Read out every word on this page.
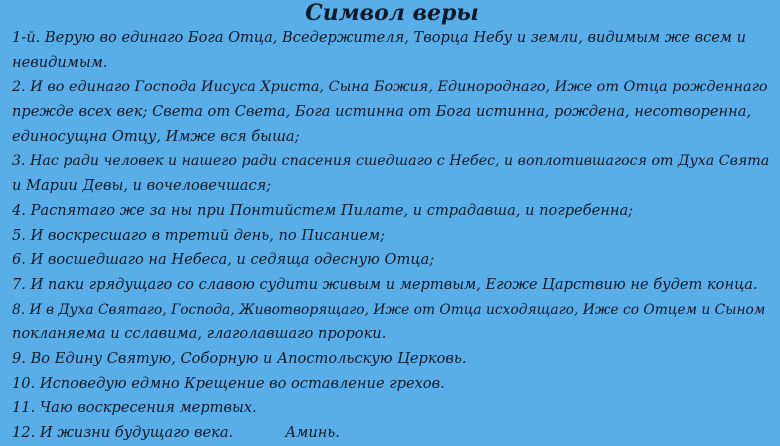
Символ веры
1-й. Верую во единаго Бога Отца, Вседержителя, Творца Небу и земли, видимым же всем и
невидимым.
2. И во единаго Господа Иисуса Христа, Сына Божия, Единороднаго, Иже от Отца рожденнаго
прежде всех век; Света от Света, Бога истинна от Бога истинна, рождена, несотворенна,
единосущна Отцу, Имже вся быша;
3. Нас ради человек и нашего ради спасения сшедшаго с Небес, и воплотившагося от Духа Свята
и Марии Девы, и вочеловечшася;
4. Распятаго же за ны при Понтийстем Пилате, и страдавша, и погребенна;
5. И воскресшаго в третий день, по Писанием;
6. И восшедшаго на Небеса, и седяща одесную Отца;
7. И паки грядущаго со славою судити живым и мертвым, Егоже Царствию не будет конца.
8. И в Духа Святаго, Господа, Животворящаго, Иже от Отца исходящаго, Иже со Отцем и Сыном
покланяема и сславима, глаголавшаго пророки.
9. Во Едину Святую, Соборную и Апостольскую Церковь.
10. Исповедую едмно Крещение во оставление грехов.
11. Чаю воскресения мертвых.
12. И жизни будущаго века.	Аминь.
